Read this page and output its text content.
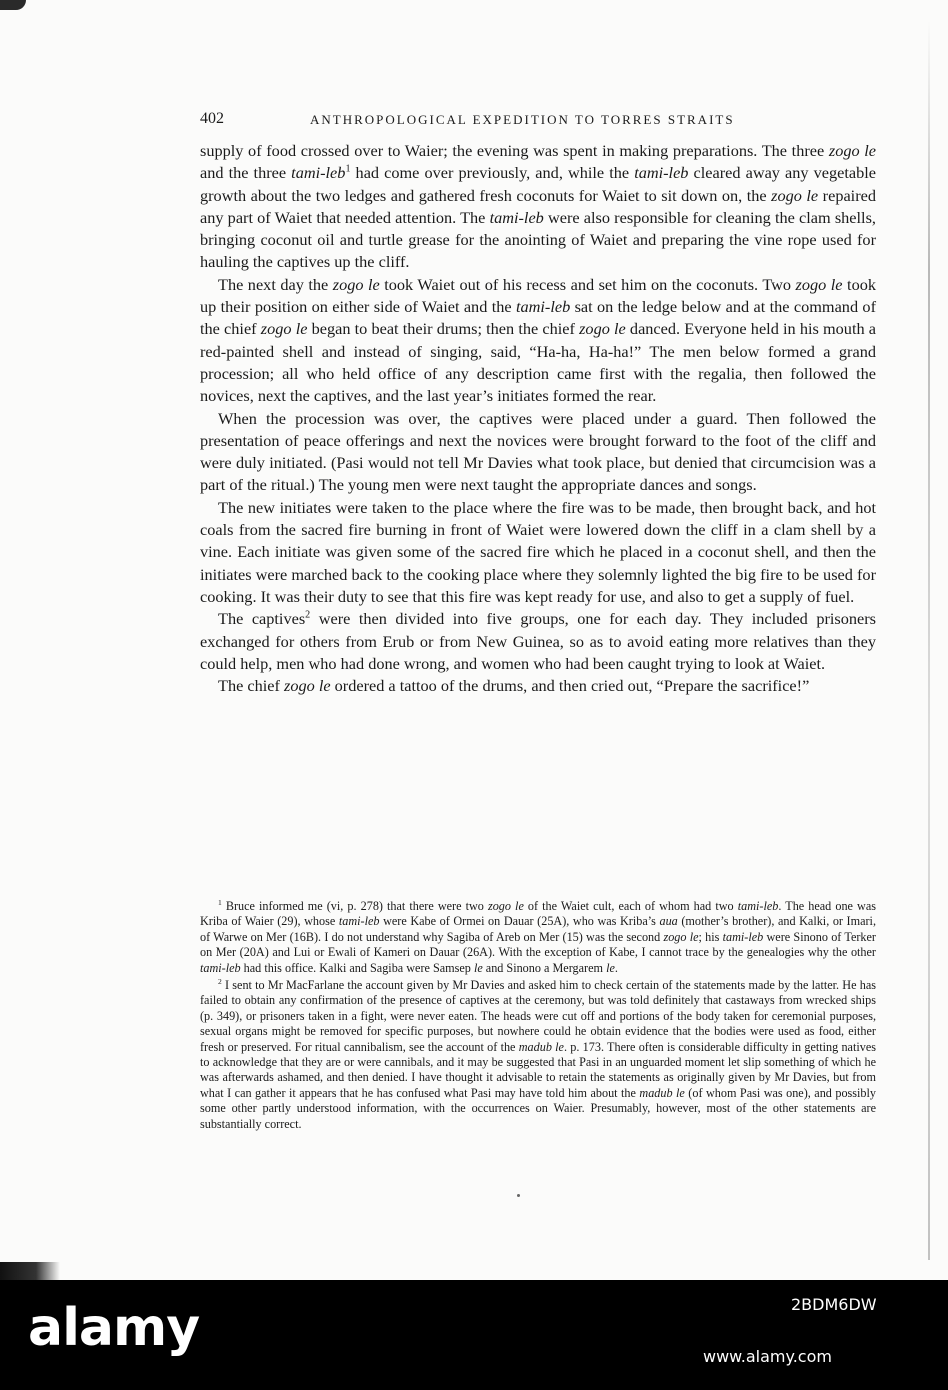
402	ANTHROPOLOGICAL EXPEDITION TO TORRES STRAITS

supply of food crossed over to Waier; the evening was spent in making preparations. The three zogo le and the three tami-leb$^1$ had come over previously, and, while the tami-leb cleared away any vegetable growth about the two ledges and gathered fresh coconuts for Waiet to sit down on, the zogo le repaired any part of Waiet that needed attention. The tami-leb were also responsible for cleaning the clam shells, bringing coconut oil and turtle grease for the anointing of Waiet and preparing the vine rope used for hauling the captives up the cliff.

The next day the zogo le took Waiet out of his recess and set him on the coconuts. Two zogo le took up their position on either side of Waiet and the tami-leb sat on the ledge below and at the command of the chief zogo le began to beat their drums; then the chief zogo le danced. Everyone held in his mouth a red-painted shell and instead of singing, said, “Ha-ha, Ha-ha!” The men below formed a grand procession; all who held office of any description came first with the regalia, then followed the novices, next the captives, and the last year’s initiates formed the rear.

When the procession was over, the captives were placed under a guard. Then followed the presentation of peace offerings and next the novices were brought forward to the foot of the cliff and were duly initiated. (Pasi would not tell Mr Davies what took place, but denied that circumcision was a part of the ritual.) The young men were next taught the appropriate dances and songs.

The new initiates were taken to the place where the fire was to be made, then brought back, and hot coals from the sacred fire burning in front of Waiet were lowered down the cliff in a clam shell by a vine. Each initiate was given some of the sacred fire which he placed in a coconut shell, and then the initiates were marched back to the cooking place where they solemnly lighted the big fire to be used for cooking. It was their duty to see that this fire was kept ready for use, and also to get a supply of fuel.

The captives$^2$ were then divided into five groups, one for each day. They included prisoners exchanged for others from Erub or from New Guinea, so as to avoid eating more relatives than they could help, men who had done wrong, and women who had been caught trying to look at Waiet.

The chief zogo le ordered a tattoo of the drums, and then cried out, “Prepare the sacrifice!”

$^1$ Bruce informed me (vi, p. 278) that there were two zogo le of the Waiet cult, each of whom had two tami-leb. The head one was Kriba of Waier (29), whose tami-leb were Kabe of Ormei on Dauar (25A), who was Kriba’s aua (mother’s brother), and Kalki, or Imari, of Warwe on Mer (16B). I do not understand why Sagiba of Areb on Mer (15) was the second zogo le; his tami-leb were Sinono of Terker on Mer (20A) and Lui or Ewali of Kameri on Dauar (26A). With the exception of Kabe, I cannot trace by the genealogies why the other tami-leb had this office. Kalki and Sagiba were Samsep le and Sinono a Mergarem le.

$^2$ I sent to Mr MacFarlane the account given by Mr Davies and asked him to check certain of the statements made by the latter. He has failed to obtain any confirmation of the presence of captives at the ceremony, but was told definitely that castaways from wrecked ships (p. 349), or prisoners taken in a fight, were never eaten. The heads were cut off and portions of the body taken for ceremonial purposes, sexual organs might be removed for specific purposes, but nowhere could he obtain evidence that the bodies were used as food, either fresh or preserved. For ritual cannibalism, see the account of the madub le. p. 173. There often is considerable difficulty in getting natives to acknowledge that they are or were cannibals, and it may be suggested that Pasi in an unguarded moment let slip something of which he was afterwards ashamed, and then denied. I have thought it advisable to retain the statements as originally given by Mr Davies, but from what I can gather it appears that he has confused what Pasi may have told him about the madub le (of whom Pasi was one), and possibly some other partly understood information, with the occurrences on Waier. Presumably, however, most of the other statements are substantially correct.

alamy	2BDM6DW
www.alamy.com
